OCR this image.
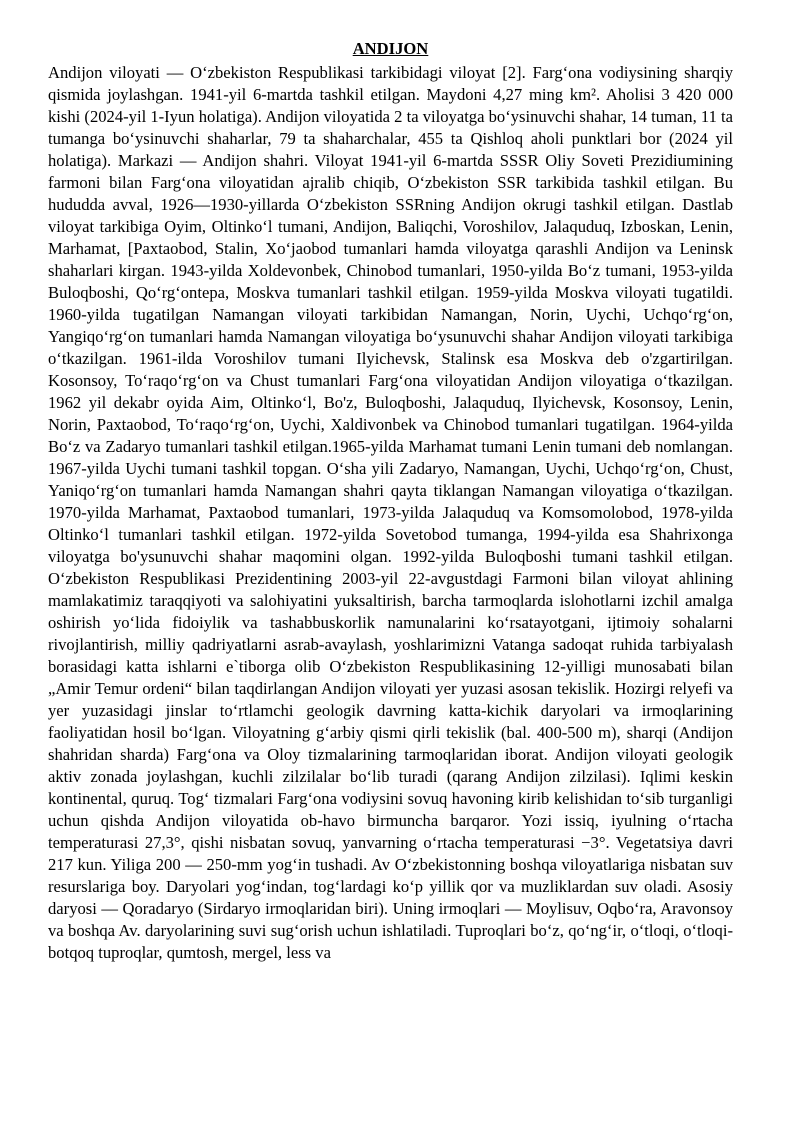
ANDIJON

Andijon viloyati — Oʻzbekiston Respublikasi tarkibidagi viloyat [2]. Fargʻona vodiysining sharqiy qismida joylashgan. 1941-yil 6-martda tashkil etilgan. Maydoni 4,27 ming km². Aholisi 3 420 000 kishi (2024-yil 1-Iyun holatiga). Andijon viloyatida 2 ta viloyatga boʻysinuvchi shahar, 14 tuman, 11 ta tumanga boʻysinuvchi shaharlar, 79 ta shaharchalar, 455 ta Qishloq aholi punktlari bor (2024 yil holatiga). Markazi — Andijon shahri. Viloyat 1941-yil 6-martda SSSR Oliy Soveti Prezidiumining farmoni bilan Fargʻona viloyatidan ajralib chiqib, Oʻzbekiston SSR tarkibida tashkil etilgan. Bu hududda avval, 1926—1930-yillarda Oʻzbekiston SSRning Andijon okrugi tashkil etilgan. Dastlab viloyat tarkibiga Oyim, Oltinkoʻl tumani, Andijon, Baliqchi, Voroshilov, Jalaquduq, Izboskan, Lenin, Marhamat, [Paxtaobod, Stalin, Xoʻjaobod tumanlari hamda viloyatga qarashli Andijon va Leninsk shaharlari kirgan. 1943-yilda Xoldevonbek, Chinobod tumanlari, 1950-yilda Boʻz tumani, 1953-yilda Buloqboshi, Qoʻrgʻontepa, Moskva tumanlari tashkil etilgan. 1959-yilda Moskva viloyati tugatildi. 1960-yilda tugatilgan Namangan viloyati tarkibidan Namangan, Norin, Uychi, Uchqoʻrgʻon, Yangiqoʻrgʻon tumanlari hamda Namangan viloyatiga boʻysunuvchi shahar Andijon viloyati tarkibiga oʻtkazilgan. 1961-ilda Voroshilov tumani Ilyichevsk, Stalinsk esa Moskva deb o'zgartirilgan. Kosonsoy, Toʻraqoʻrgʻon va Chust tumanlari Fargʻona viloyatidan Andijon viloyatiga oʻtkazilgan. 1962 yil dekabr oyida Aim, Oltinkoʻl, Bo'z, Buloqboshi, Jalaquduq, Ilyichevsk, Kosonsoy, Lenin, Norin, Paxtaobod, Toʻraqoʻrgʻon, Uychi, Xaldivonbek va Chinobod tumanlari tugatilgan. 1964-yilda Boʻz va Zadaryo tumanlari tashkil etilgan.1965-yilda Marhamat tumani Lenin tumani deb nomlangan. 1967-yilda Uychi tumani tashkil topgan. Oʻsha yili Zadaryo, Namangan, Uychi, Uchqoʻrgʻon, Chust, Yaniqoʻrgʻon tumanlari hamda Namangan shahri qayta tiklangan Namangan viloyatiga oʻtkazilgan. 1970-yilda Marhamat, Paxtaobod tumanlari, 1973-yilda Jalaquduq va Komsomolobod, 1978-yilda Oltinkoʻl tumanlari tashkil etilgan. 1972-yilda Sovetobod tumanga, 1994-yilda esa Shahrixonga viloyatga bo'ysunuvchi shahar maqomini olgan. 1992-yilda Buloqboshi tumani tashkil etilgan. Oʻzbekiston Respublikasi Prezidentining 2003-yil 22-avgustdagi Farmoni bilan viloyat ahlining mamlakatimiz taraqqiyoti va salohiyatini yuksaltirish, barcha tarmoqlarda islohotlarni izchil amalga oshirish yoʻlida fidoiylik va tashabbuskorlik namunalarini koʻrsatayotgani, ijtimoiy sohalarni rivojlantirish, milliy qadriyatlarni asrab-avaylash, yoshlarimizni Vatanga sadoqat ruhida tarbiyalash borasidagi katta ishlarni e`tiborga olib Oʻzbekiston Respublikasining 12-yilligi munosabati bilan „Amir Temur ordeni“ bilan taqdirlangan Andijon viloyati yer yuzasi asosan tekislik. Hozirgi relyefi va yer yuzasidagi jinslar toʻrtlamchi geologik davrning katta-kichik daryolari va irmoqlarining faoliyatidan hosil boʻlgan. Viloyatning gʻarbiy qismi qirli tekislik (bal. 400-500 m), sharqi (Andijon shahridan sharda) Fargʻona va Oloy tizmalarining tarmoqlaridan iborat. Andijon viloyati geologik aktiv zonada joylashgan, kuchli zilzilalar boʻlib turadi (qarang Andijon zilzilasi). Iqlimi keskin kontinental, quruq. Togʻ tizmalari Fargʻona vodiysini sovuq havoning kirib kelishidan toʻsib turganligi uchun qishda Andijon viloyatida ob-havo birmuncha barqaror. Yozi issiq, iyulning oʻrtacha temperaturasi 27,3°, qishi nisbatan sovuq, yanvarning oʻrtacha temperaturasi −3°. Vegetatsiya davri 217 kun. Yiliga 200 — 250-mm yogʻin tushadi. Av Oʻzbekistonning boshqa viloyatlariga nisbatan suv resurslariga boy. Daryolari yogʻindan, togʻlardagi koʻp yillik qor va muzliklardan suv oladi. Asosiy daryosi — Qoradaryo (Sirdaryo irmoqlaridan biri). Uning irmoqlari — Moylisuv, Oqboʻra, Aravonsoy va boshqa Av. daryolarining suvi sugʻorish uchun ishlatiladi. Tuproqlari boʻz, qoʻngʻir, oʻtloqi, oʻtloqi-botqoq tuproqlar, qumtosh, mergel, less va
